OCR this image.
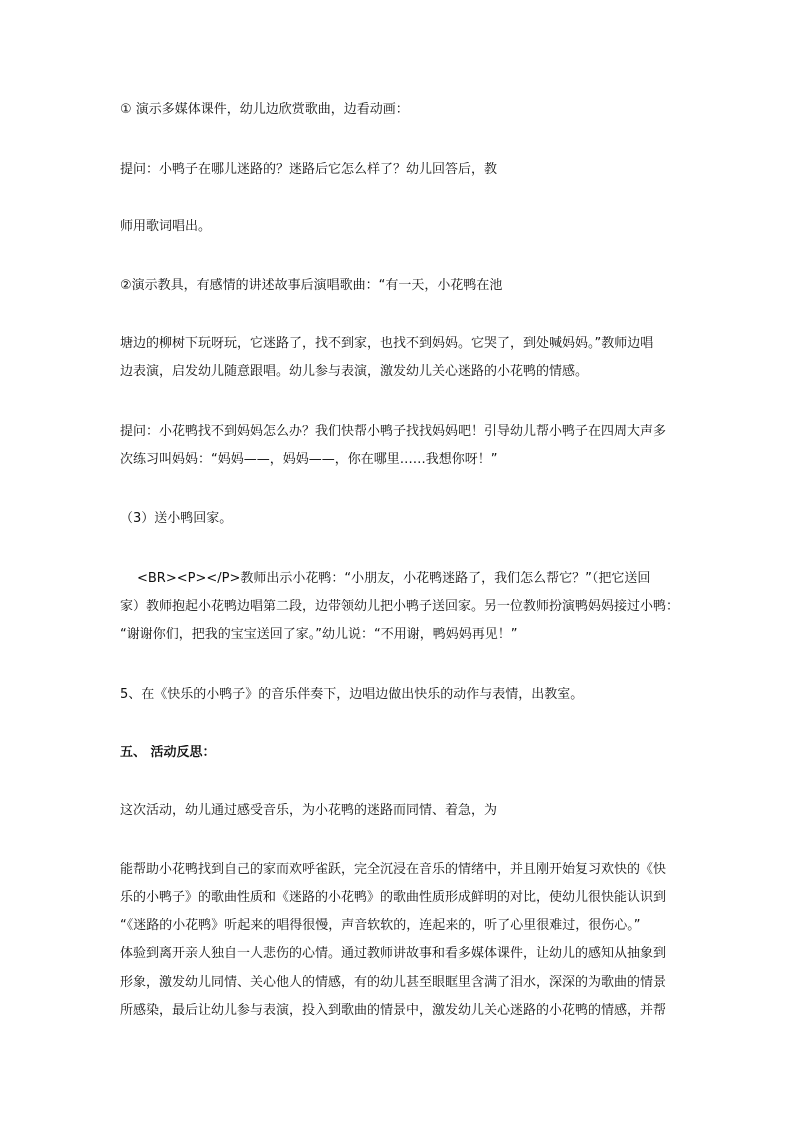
① 演示多媒体课件，幼儿边欣赏歌曲，边看动画：
提问：小鸭子在哪儿迷路的？迷路后它怎么样了？幼儿回答后，教
师用歌词唱出。
②演示教具，有感情的讲述故事后演唱歌曲：“有一天，小花鸭在池
塘边的柳树下玩呀玩，它迷路了，找不到家，也找不到妈妈。它哭了，到处喊妈妈。”教师边唱
边表演，启发幼儿随意跟唱。幼儿参与表演，激发幼儿关心迷路的小花鸭的情感。
提问：小花鸭找不到妈妈怎么办？我们快帮小鸭子找找妈妈吧！引导幼儿帮小鸭子在四周大声多
次练习叫妈妈：“妈妈——，妈妈——，你在哪里……我想你呀！”
（3）送小鸭回家。
<BR><P></P>教师出示小花鸭：“小朋友，小花鸭迷路了，我们怎么帮它？”（把它送回
家）教师抱起小花鸭边唱第二段，边带领幼儿把小鸭子送回家。另一位教师扮演鸭妈妈接过小鸭：
“谢谢你们，把我的宝宝送回了家。”幼儿说：“不用谢，鸭妈妈再见！”
5、在《快乐的小鸭子》的音乐伴奏下，边唱边做出快乐的动作与表情，出教室。
五、 活动反思：
这次活动，幼儿通过感受音乐，为小花鸭的迷路而同情、着急，为
能帮助小花鸭找到自己的家而欢呼雀跃，完全沉浸在音乐的情绪中，并且刚开始复习欢快的《快
乐的小鸭子》的歌曲性质和《迷路的小花鸭》的歌曲性质形成鲜明的对比，使幼儿很快能认识到
“《迷路的小花鸭》听起来的唱得很慢，声音软软的，连起来的，听了心里很难过，很伤心。”
体验到离开亲人独自一人悲伤的心情。通过教师讲故事和看多媒体课件，让幼儿的感知从抽象到
形象，激发幼儿同情、关心他人的情感，有的幼儿甚至眼眶里含满了泪水，深深的为歌曲的情景
所感染，最后让幼儿参与表演，投入到歌曲的情景中，激发幼儿关心迷路的小花鸭的情感，并帮
